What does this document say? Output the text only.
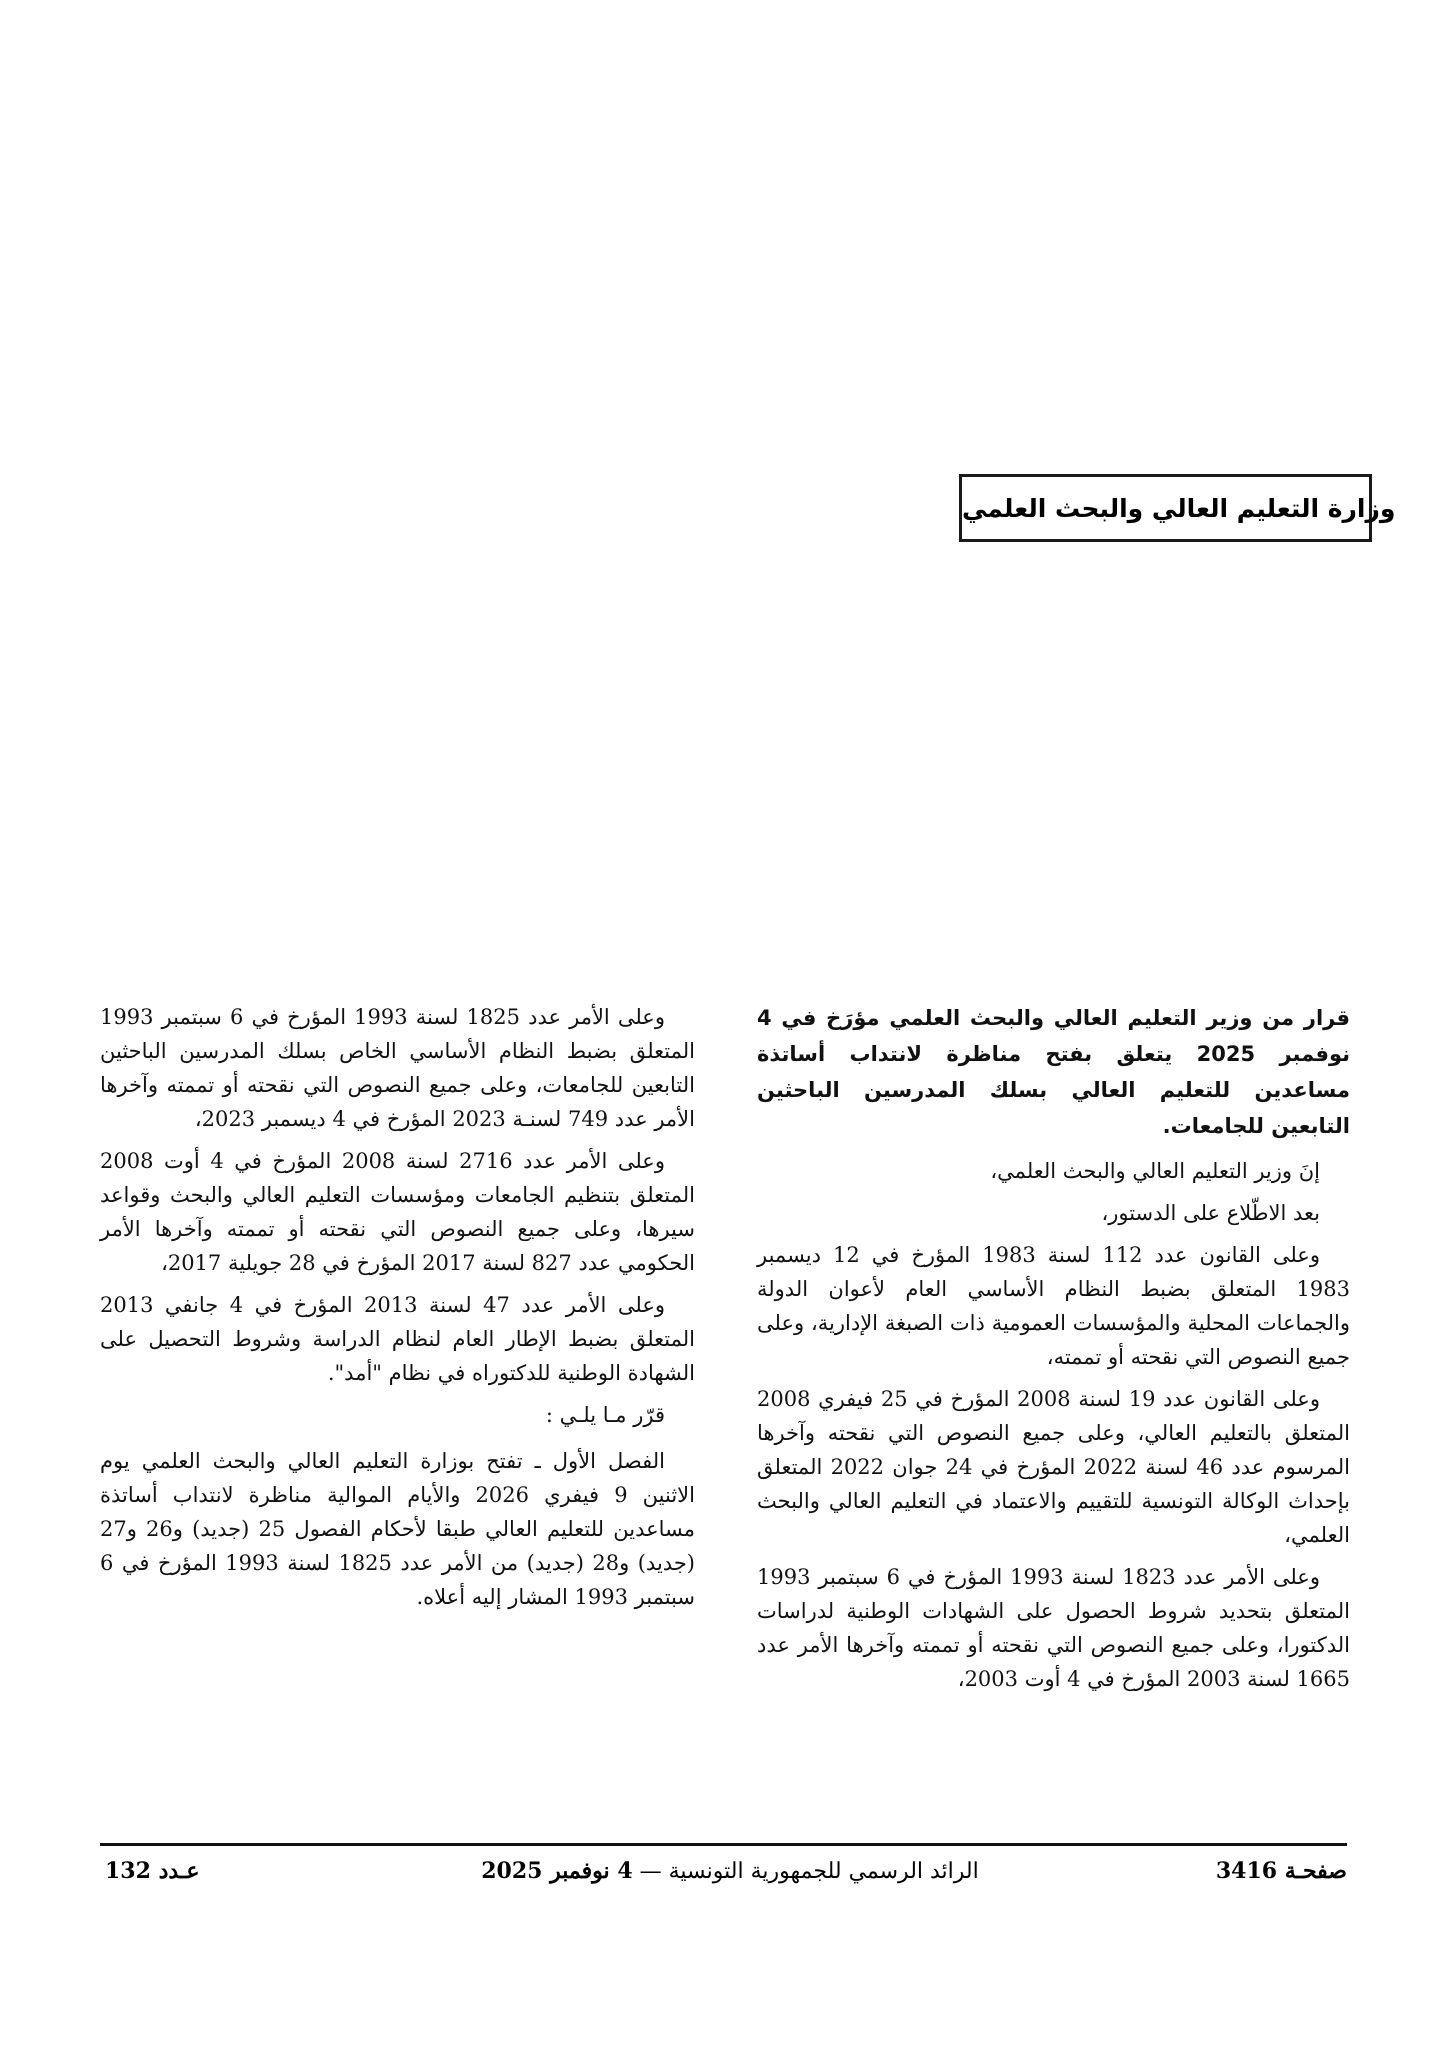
وزارة التعليم العالي والبحث العلمي

قرار من وزير التعليم العالي والبحث العلمي مؤرَخ في 4 نوفمبر 2025 يتعلق بفتح مناظرة لانتداب أساتذة مساعدين للتعليم العالي بسلك المدرسين الباحثين التابعين للجامعات.

إنَ وزير التعليم العالي والبحث العلمي،

بعد الاطّلاع على الدستور،

وعلى القانون عدد 112 لسنة 1983 المؤرخ في 12 ديسمبر 1983 المتعلق بضبط النظام الأساسي العام لأعوان الدولة والجماعات المحلية والمؤسسات العمومية ذات الصبغة الإدارية، وعلى جميع النصوص التي نقحته أو تممته،

وعلى القانون عدد 19 لسنة 2008 المؤرخ في 25 فيفري 2008 المتعلق بالتعليم العالي، وعلى جميع النصوص التي نقحته وآخرها المرسوم عدد 46 لسنة 2022 المؤرخ في 24 جوان 2022 المتعلق بإحداث الوكالة التونسية للتقييم والاعتماد في التعليم العالي والبحث العلمي،

وعلى الأمر عدد 1823 لسنة 1993 المؤرخ في 6 سبتمبر 1993 المتعلق بتحديد شروط الحصول على الشهادات الوطنية لدراسات الدكتورا، وعلى جميع النصوص التي نقحته أو تممته وآخرها الأمر عدد 1665 لسنة 2003 المؤرخ في 4 أوت 2003،

وعلى الأمر عدد 1825 لسنة 1993 المؤرخ في 6 سبتمبر 1993 المتعلق بضبط النظام الأساسي الخاص بسلك المدرسين الباحثين التابعين للجامعات، وعلى جميع النصوص التي نقحته أو تممته وآخرها الأمر عدد 749 لسنـة 2023 المؤرخ في 4 ديسمبر 2023،

وعلى الأمر عدد 2716 لسنة 2008 المؤرخ في 4 أوت 2008 المتعلق بتنظيم الجامعات ومؤسسات التعليم العالي والبحث وقواعد سيرها، وعلى جميع النصوص التي نقحته أو تممته وآخرها الأمر الحكومي عدد 827 لسنة 2017 المؤرخ في 28 جويلية 2017،

وعلى الأمر عدد 47 لسنة 2013 المؤرخ في 4 جانفي 2013 المتعلق بضبط الإطار العام لنظام الدراسة وشروط التحصيل على الشهادة الوطنية للدكتوراه في نظام "أمد".

قرّر مـا يلـي :

الفصل الأول ـ تفتح بوزارة التعليم العالي والبحث العلمي يوم الاثنين 9 فيفري 2026 والأيام الموالية مناظرة لانتداب أساتذة مساعدين للتعليم العالي طبقا لأحكام الفصول 25 (جديد) و26 و27 (جديد) و28 (جديد) من الأمر عدد 1825 لسنة 1993 المؤرخ في 6 سبتمبر 1993 المشار إليه أعلاه.

صفحـة 3416
الرائد الرسمي للجمهورية التونسية — 4 نوفمبر 2025
عـدد 132
